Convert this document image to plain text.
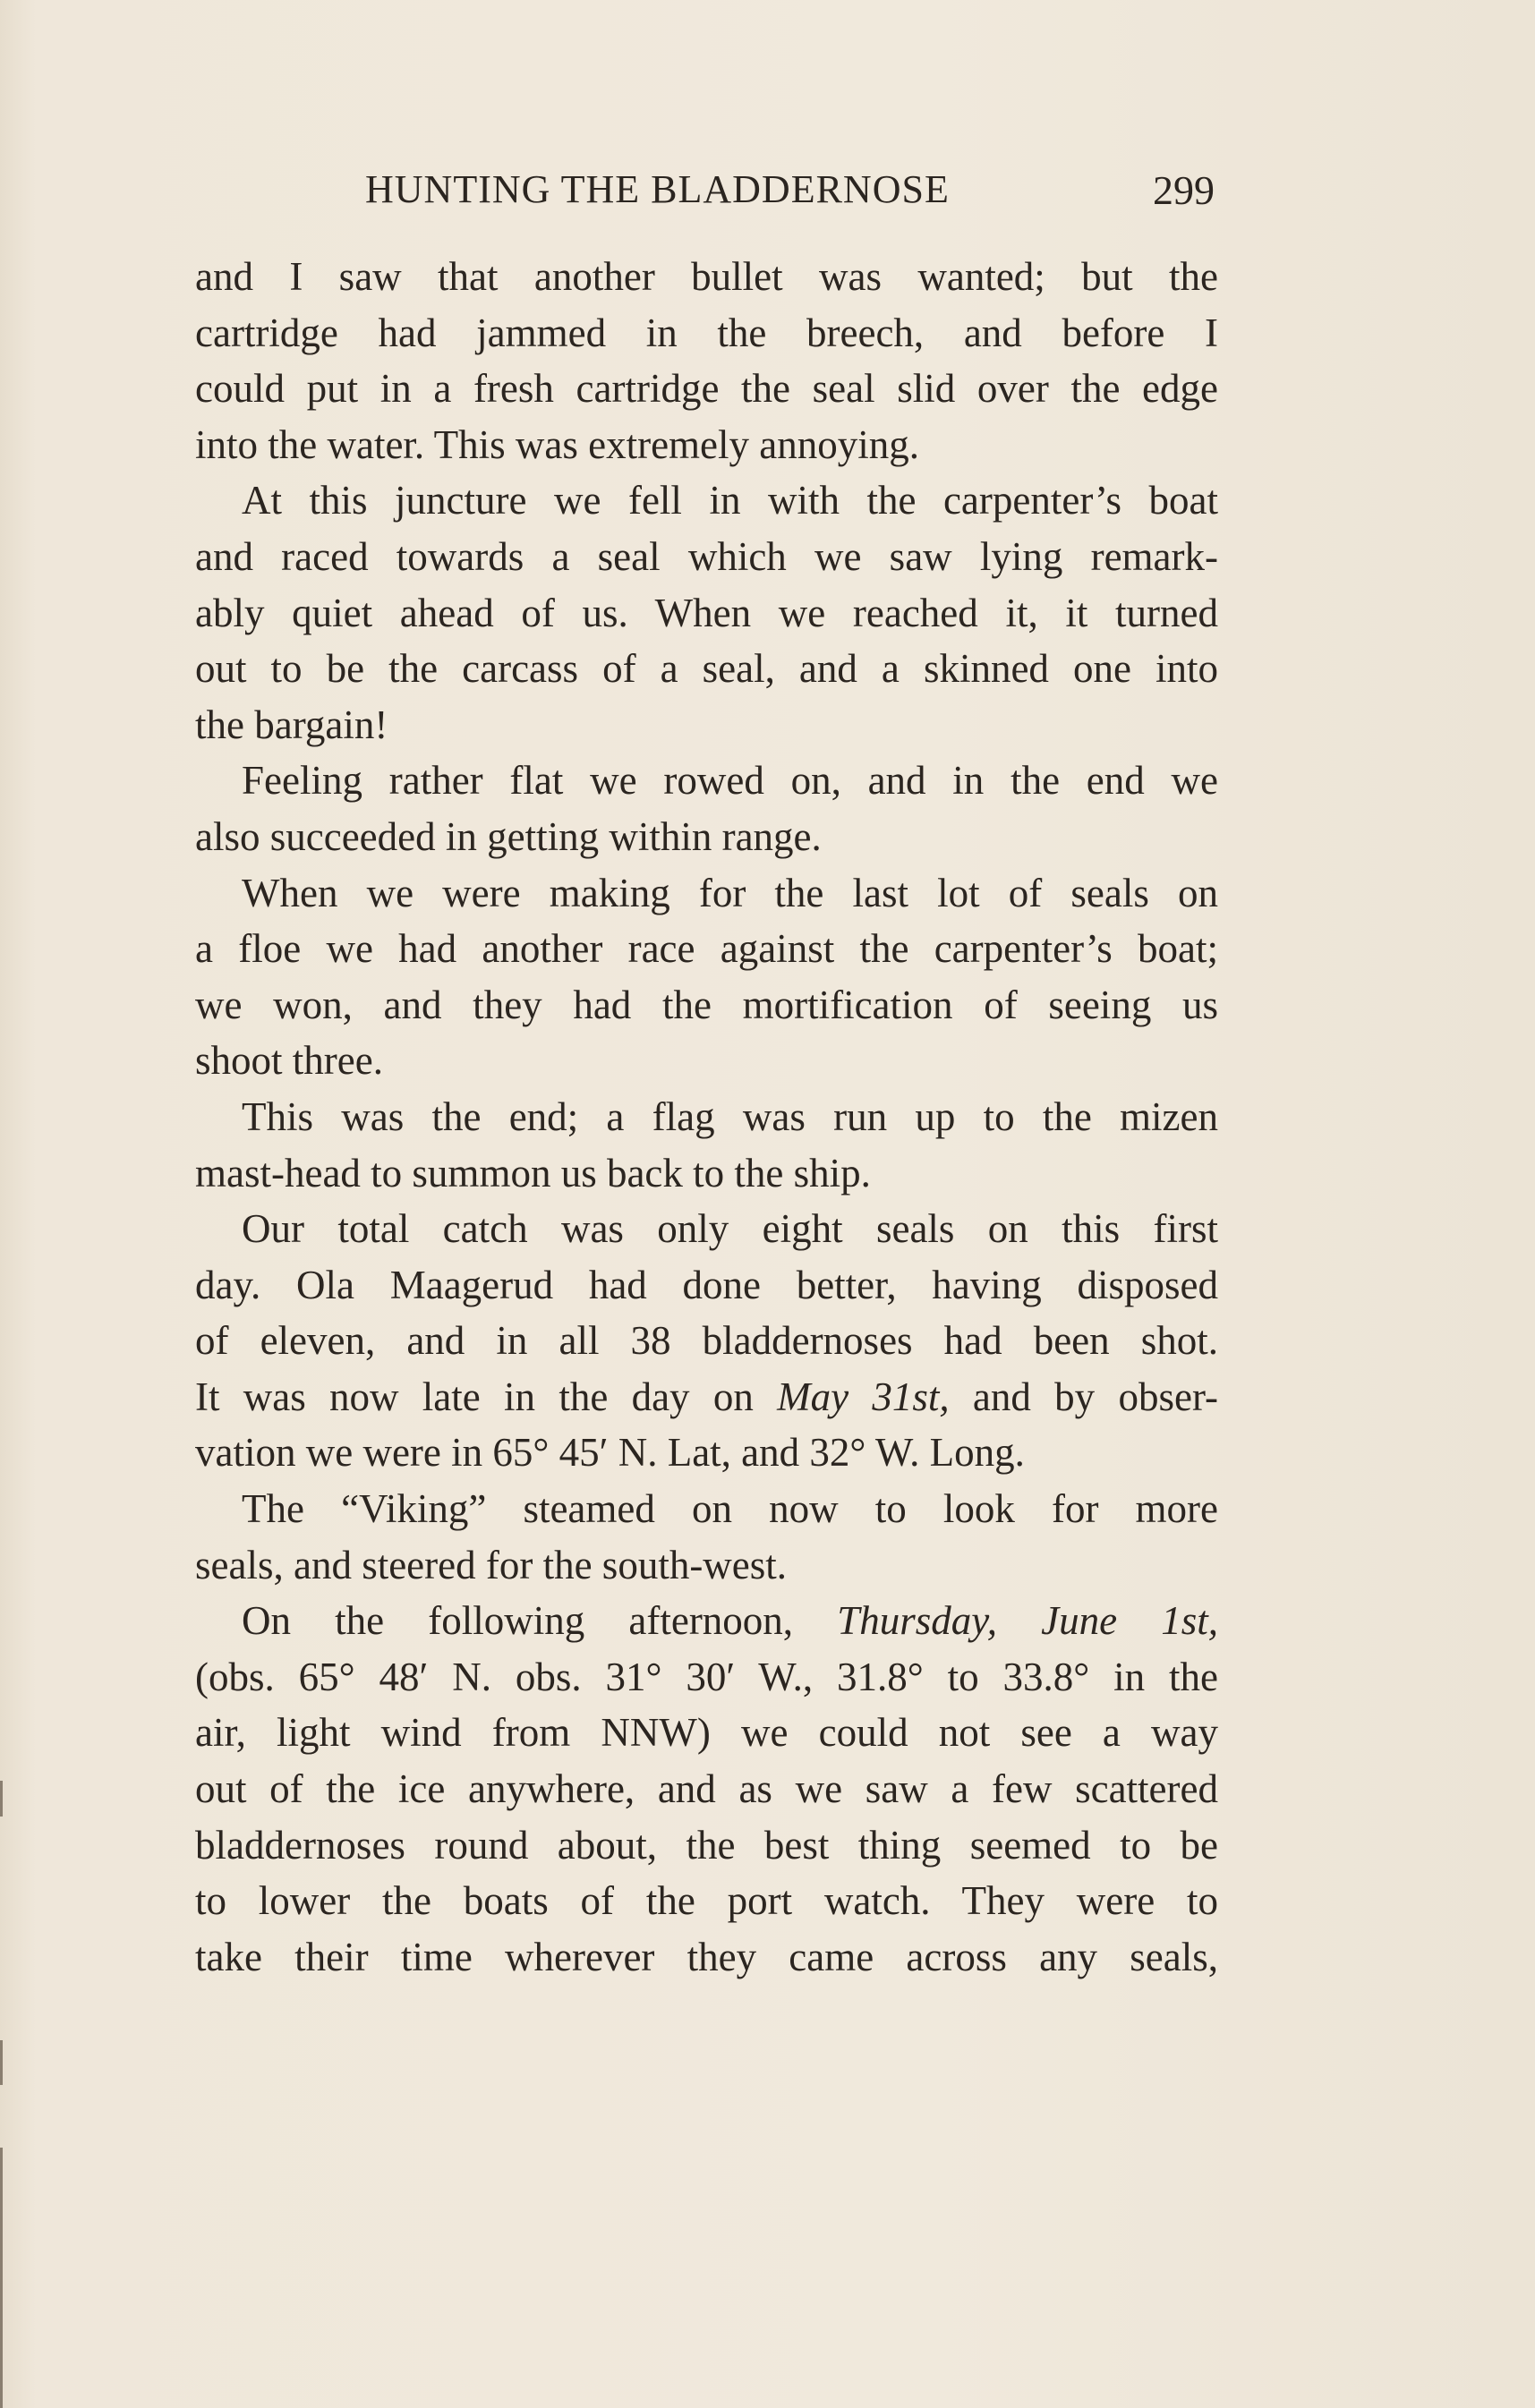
HUNTING THE BLADDERNOSE	299
and I saw that another bullet was wanted; but the
cartridge had jammed in the breech, and before I
could put in a fresh cartridge the seal slid over the edge
into the water. This was extremely annoying.
At this juncture we fell in with the carpenter’s boat
and raced towards a seal which we saw lying remark-
ably quiet ahead of us. When we reached it, it turned
out to be the carcass of a seal, and a skinned one into
the bargain!
Feeling rather flat we rowed on, and in the end we
also succeeded in getting within range.
When we were making for the last lot of seals on
a floe we had another race against the carpenter’s boat;
we won, and they had the mortification of seeing us
shoot three.
This was the end; a flag was run up to the mizen
mast-head to summon us back to the ship.
Our total catch was only eight seals on this first
day. Ola Maagerud had done better, having disposed
of eleven, and in all 38 bladdernoses had been shot.
It was now late in the day on May 31st, and by obser-
vation we were in 65° 45′ N. Lat, and 32° W. Long.
The “Viking” steamed on now to look for more
seals, and steered for the south-west.
On the following afternoon, Thursday, June 1st,
(obs. 65° 48′ N. obs. 31° 30′ W., 31.8° to 33.8° in the
air, light wind from NNW) we could not see a way
out of the ice anywhere, and as we saw a few scattered
bladdernoses round about, the best thing seemed to be
to lower the boats of the port watch. They were to
take their time wherever they came across any seals,
